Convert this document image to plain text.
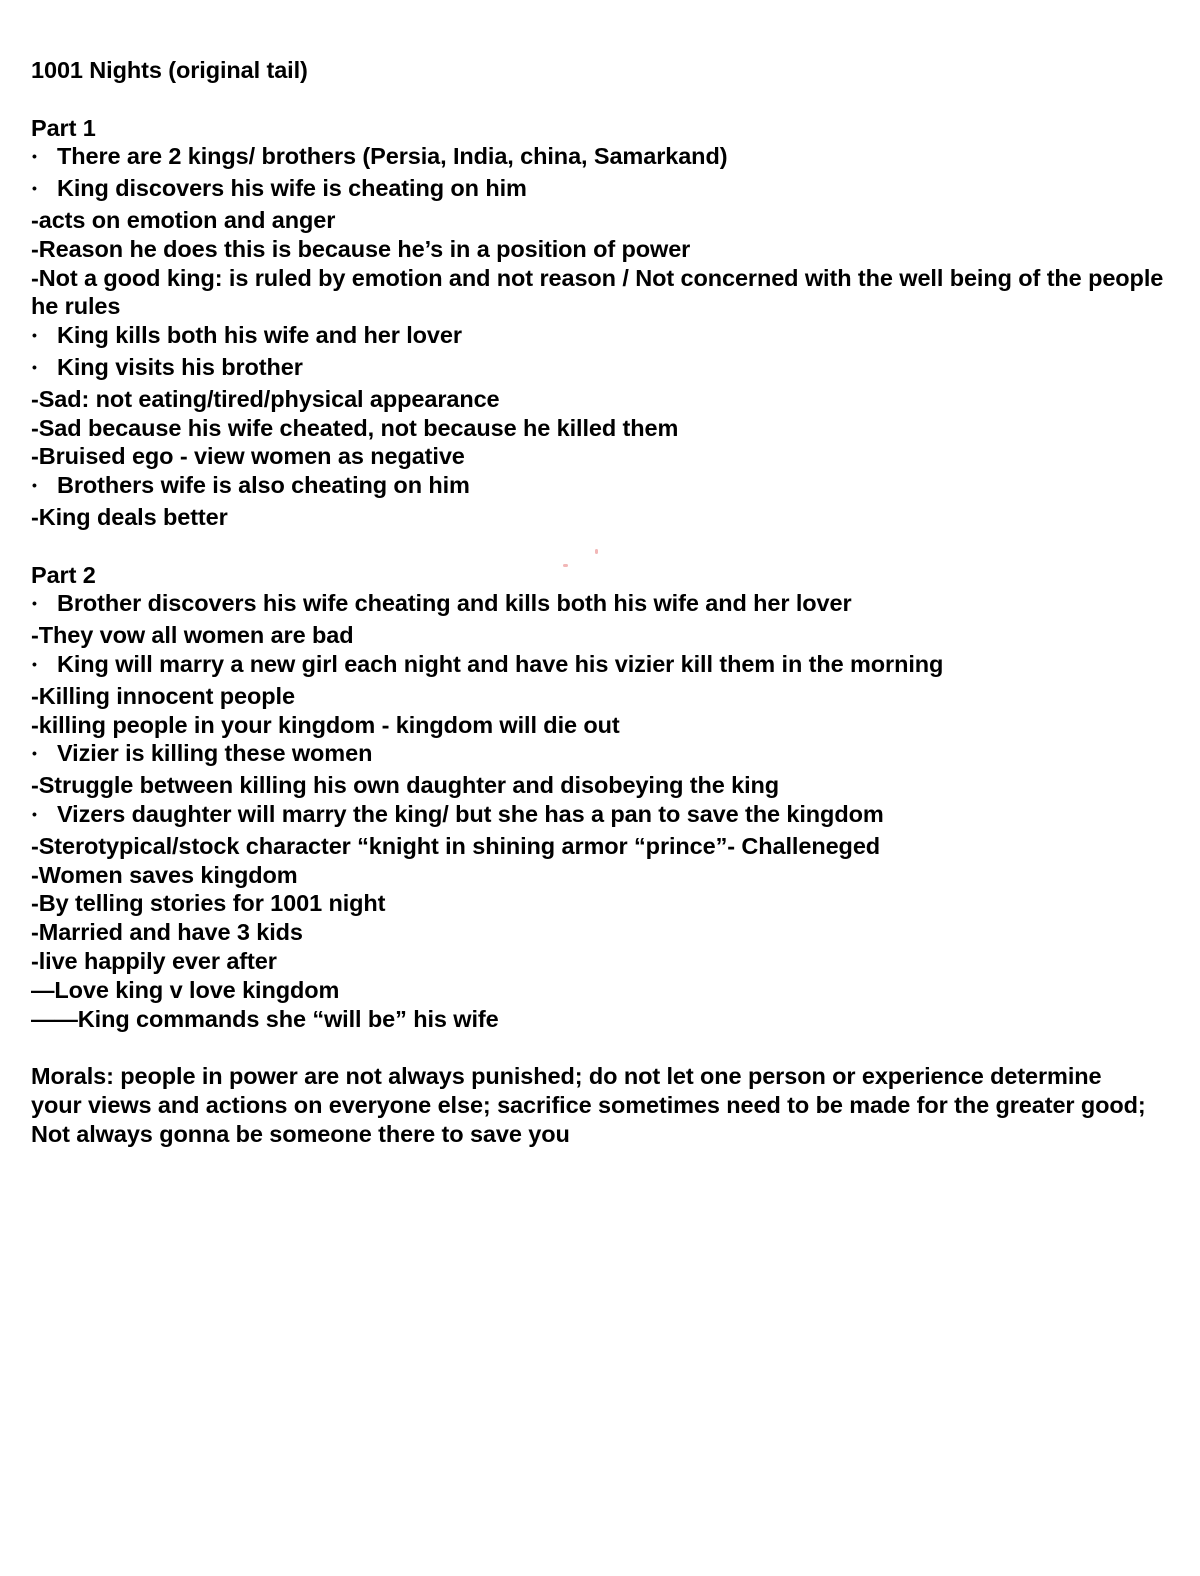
1001 Nights (original tail)
Part 1
• There are 2 kings/ brothers (Persia, India, china, Samarkand)
• King discovers his wife is cheating on him
-acts on emotion and anger
-Reason he does this is because he’s in a position of power
-Not a good king: is ruled by emotion and not reason / Not concerned with the well being of the people he rules
• King kills both his wife and her lover
• King visits his brother
-Sad: not eating/tired/physical appearance
-Sad because his wife cheated, not because he killed them
-Bruised ego - view women as negative
• Brothers wife is also cheating on him
-King deals better
Part 2
• Brother discovers his wife cheating and kills both his wife and her lover
-They vow all women are bad
• King will marry a new girl each night and have his vizier kill them in the morning
-Killing innocent people
-killing people in your kingdom - kingdom will die out
• Vizier is killing these women
-Struggle between killing his own daughter and disobeying the king
• Vizers daughter will marry the king/ but she has a pan to save the kingdom
-Sterotypical/stock character “knight in shining armor “prince”- Challeneged
-Women saves kingdom
-By telling stories for 1001 night
-Married and have 3 kids
-live happily ever after
—Love king v love kingdom
——King commands she “will be” his wife
Morals: people in power are not always punished; do not let one person or experience determine your views and actions on everyone else; sacrifice sometimes need to be made for the greater good; Not always gonna be someone there to save you
